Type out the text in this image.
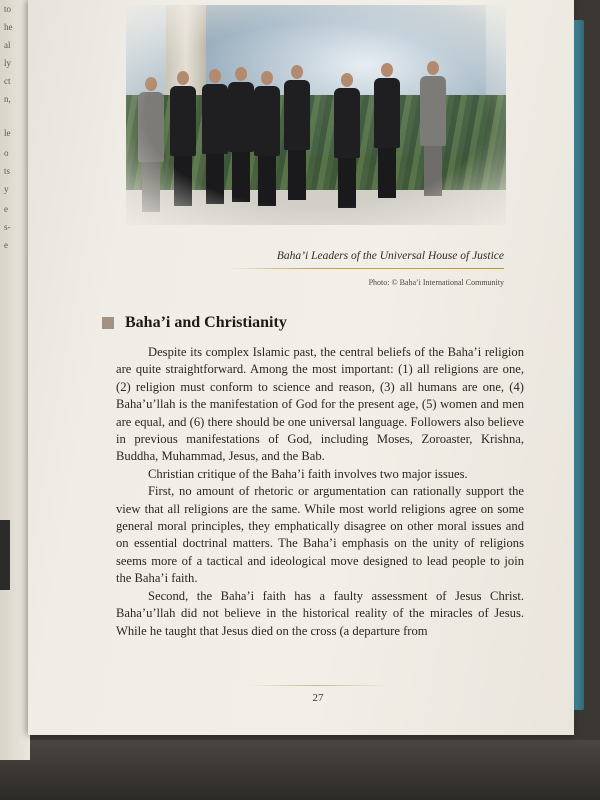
to
he
al
ly
ct
n,
le
o
ts
y
e
s-
e
Baha’i Leaders of the Universal House of Justice
Photo: © Baha’i International Community
Baha’i and Christianity

Despite its complex Islamic past, the central beliefs of the Baha’i religion are quite straightforward. Among the most important: (1) all religions are one, (2) religion must conform to science and reason, (3) all humans are one, (4) Baha’u’llah is the manifestation of God for the present age, (5) women and men are equal, and (6) there should be one universal language. Followers also believe in previous manifestations of God, including Moses, Zoroaster, Krishna, Buddha, Muhammad, Jesus, and the Bab.

Christian critique of the Baha’i faith involves two major issues.

First, no amount of rhetoric or argumentation can rationally support the view that all religions are the same. While most world religions agree on some general moral principles, they emphatically disagree on other moral issues and on essential doctrinal matters. The Baha’i emphasis on the unity of religions seems more of a tactical and ideological move designed to lead people to join the Baha’i faith.

Second, the Baha’i faith has a faulty assessment of Jesus Christ. Baha’u’llah did not believe in the historical reality of the miracles of Jesus. While he taught that Jesus died on the cross (a departure from

27
